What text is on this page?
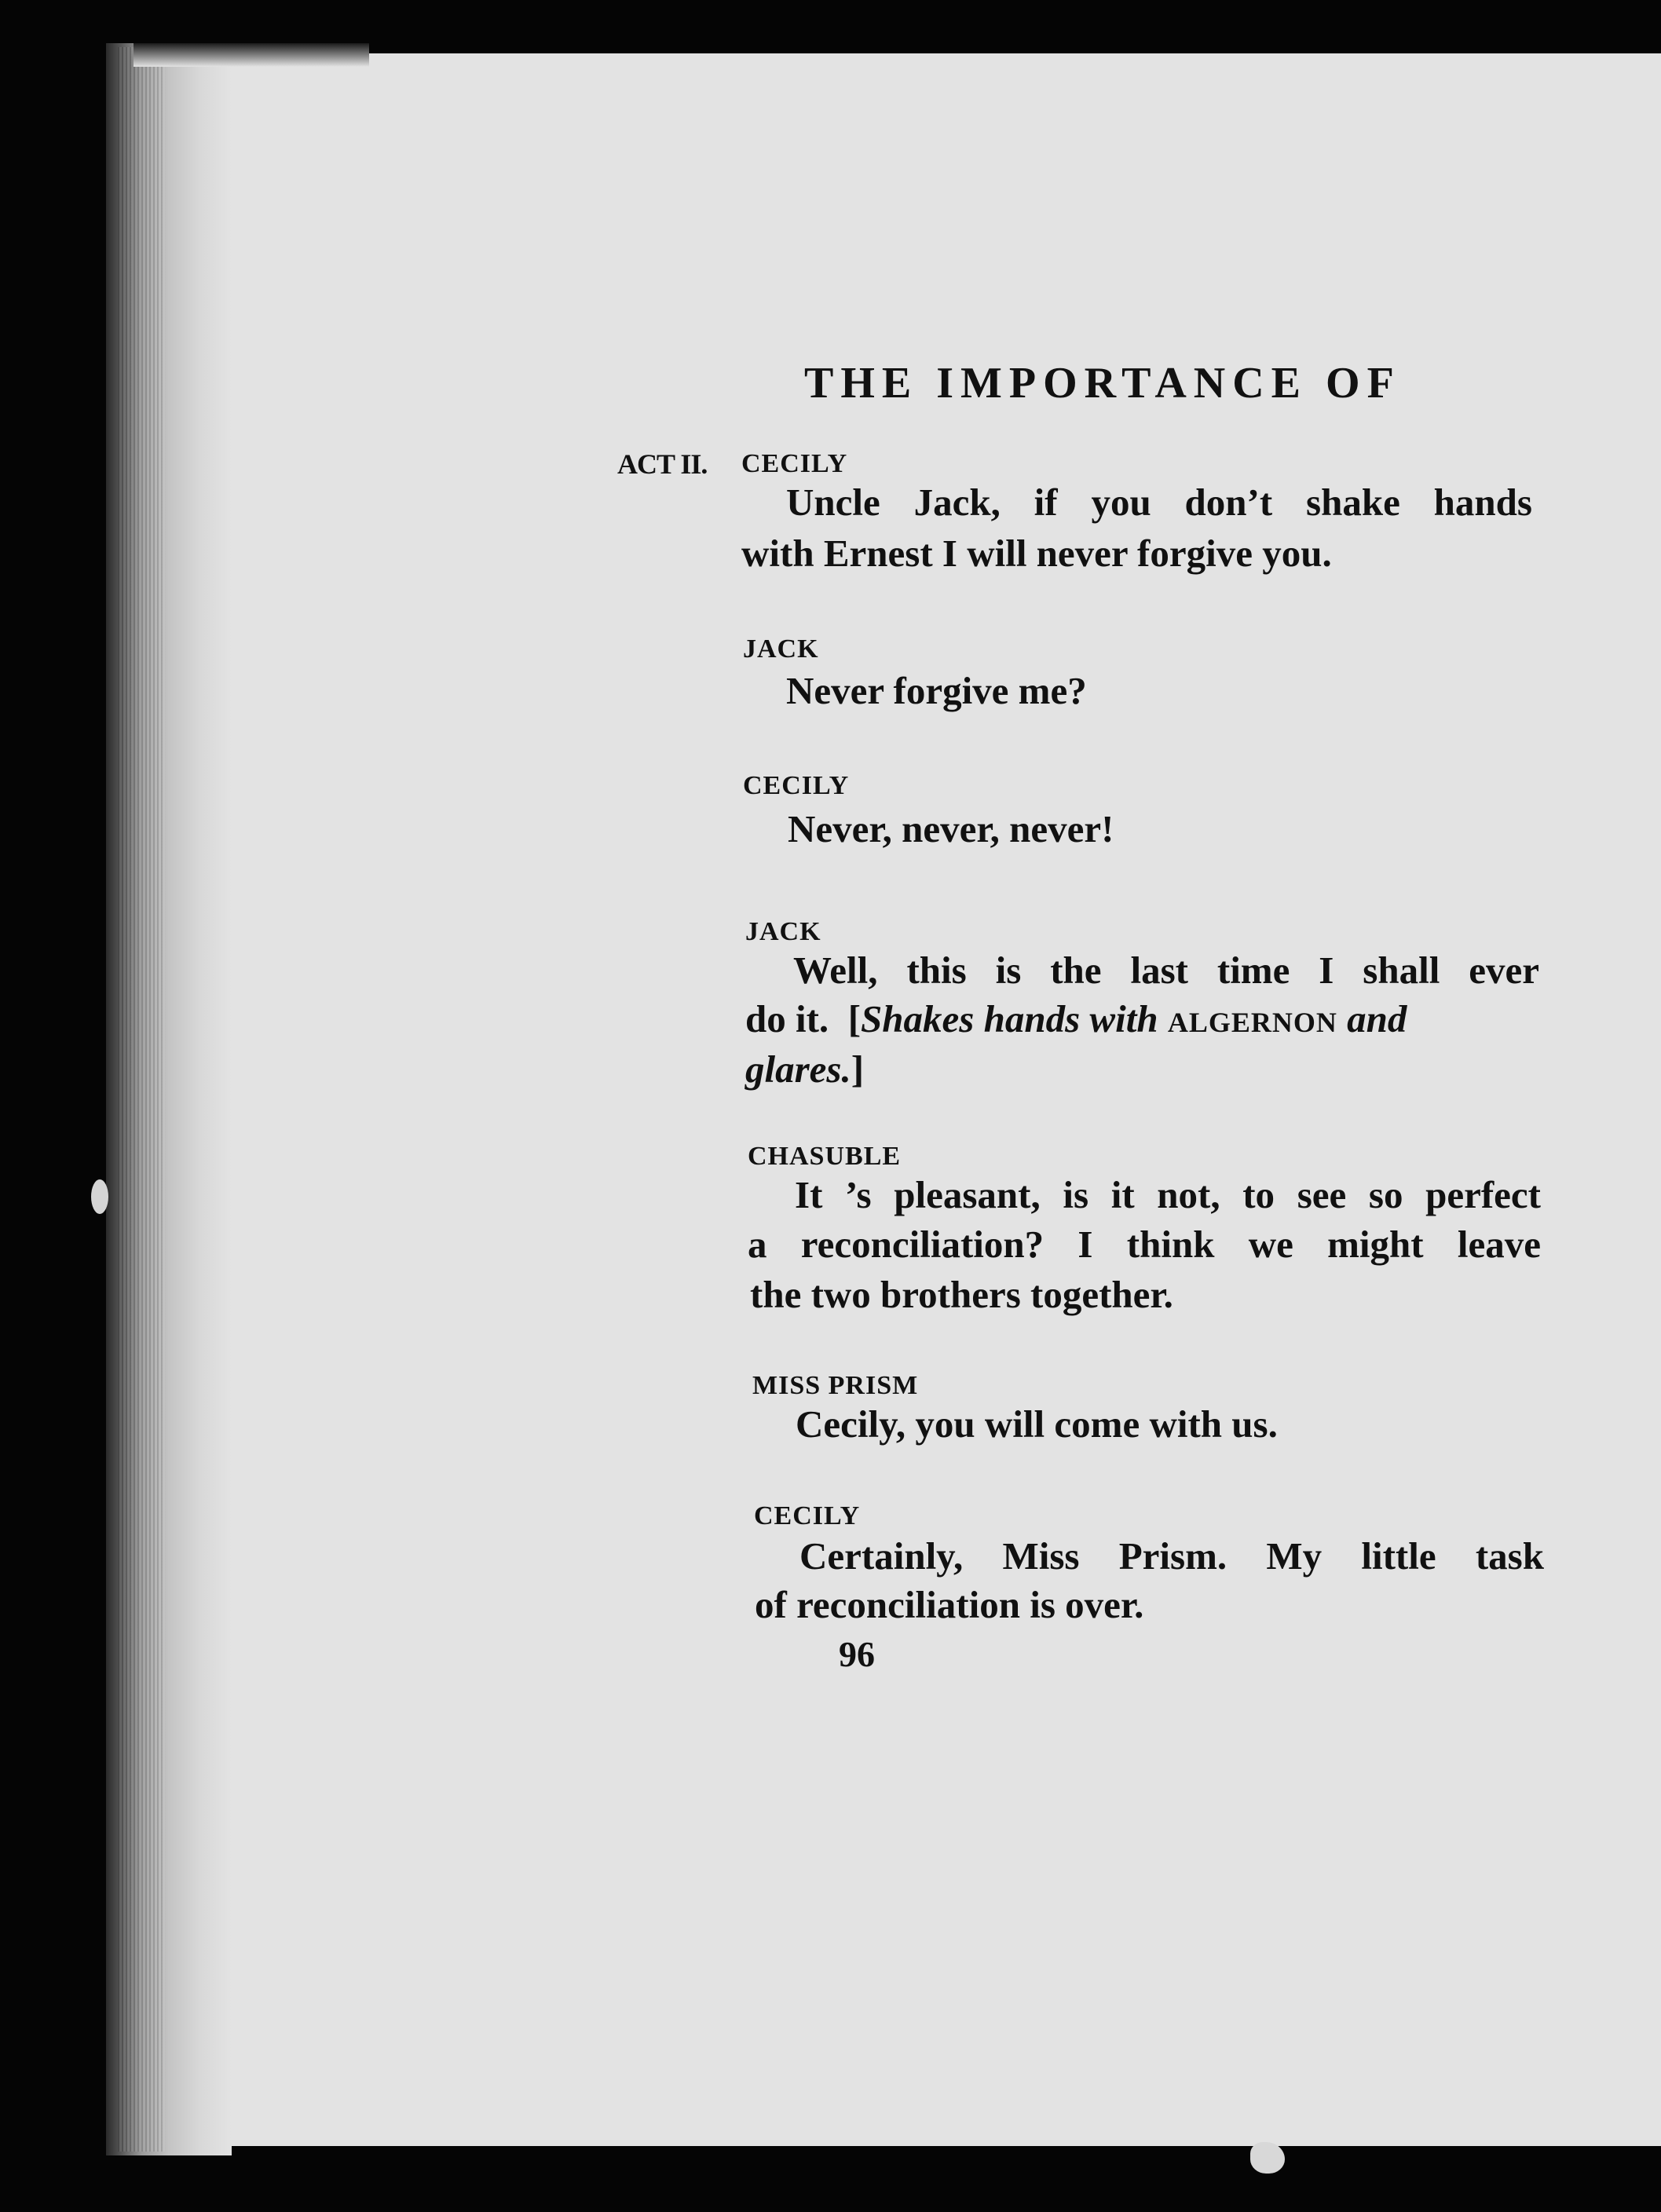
THE IMPORTANCE OF

ACT II. CECILY

Uncle Jack, if you don’t shake hands

with Ernest I will never forgive you.

JACK

Never forgive me?

CECILY

Never, never, never!

JACK

Well, this is the last time I shall ever

do it. [Shakes hands with ALGERNON and

glares.]

CHASUBLE

It ’s pleasant, is it not, to see so perfect

a reconciliation? I think we might leave

the two brothers together.

MISS PRISM

Cecily, you will come with us.

CECILY

Certainly, Miss Prism. My little task

of reconciliation is over.

96
